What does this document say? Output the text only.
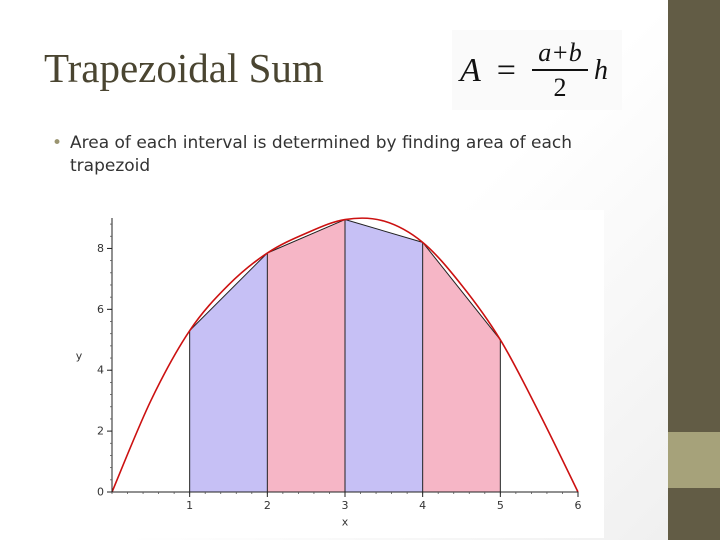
Trapezoidal Sum	$A = \frac{a+b}{2}$ h
• Area of each interval is determined by finding area of each trapezoid
1	2	3	4	5	6
0
2
4
6
8
x
y
